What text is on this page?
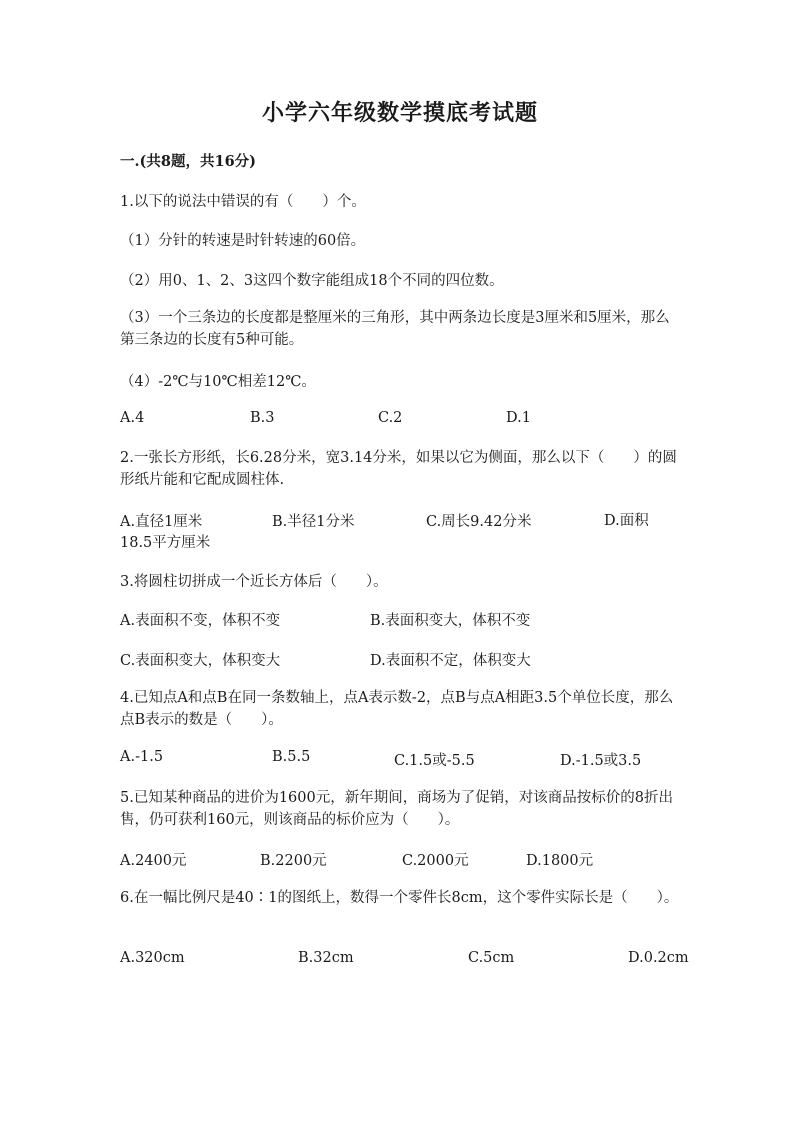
小学六年级数学摸底考试题
一.(共8题，共16分)
1.以下的说法中错误的有（　　）个。
（1）分针的转速是时针转速的60倍。
（2）用0、1、2、3这四个数字能组成18个不同的四位数。
（3）一个三条边的长度都是整厘米的三角形，其中两条边长度是3厘米和5厘米，那么第三条边的长度有5种可能。
（4）-2℃与10℃相差12℃。
A.4	B.3	C.2	D.1
2.一张长方形纸，长6.28分米，宽3.14分米，如果以它为侧面，那么以下（　　）的圆形纸片能和它配成圆柱体.
A.直径1厘米	B.半径1分米	C.周长9.42分米	D.面积18.5平方厘米
3.将圆柱切拼成一个近长方体后（　　）。
A.表面积不变，体积不变	B.表面积变大，体积不变
C.表面积变大，体积变大	D.表面积不定，体积变大
4.已知点A和点B在同一条数轴上，点A表示数-2，点B与点A相距3.5个单位长度，那么点B表示的数是（　　）。
A.-1.5	B.5.5	C.1.5或-5.5	D.-1.5或3.5
5.已知某种商品的进价为1600元，新年期间，商场为了促销，对该商品按标价的8折出售，仍可获利160元，则该商品的标价应为（　　）。
A.2400元	B.2200元	C.2000元	D.1800元
6.在一幅比例尺是40∶1的图纸上，数得一个零件长8cm，这个零件实际长是（　　）。
A.320cm	B.32cm	C.5cm	D.0.2cm
